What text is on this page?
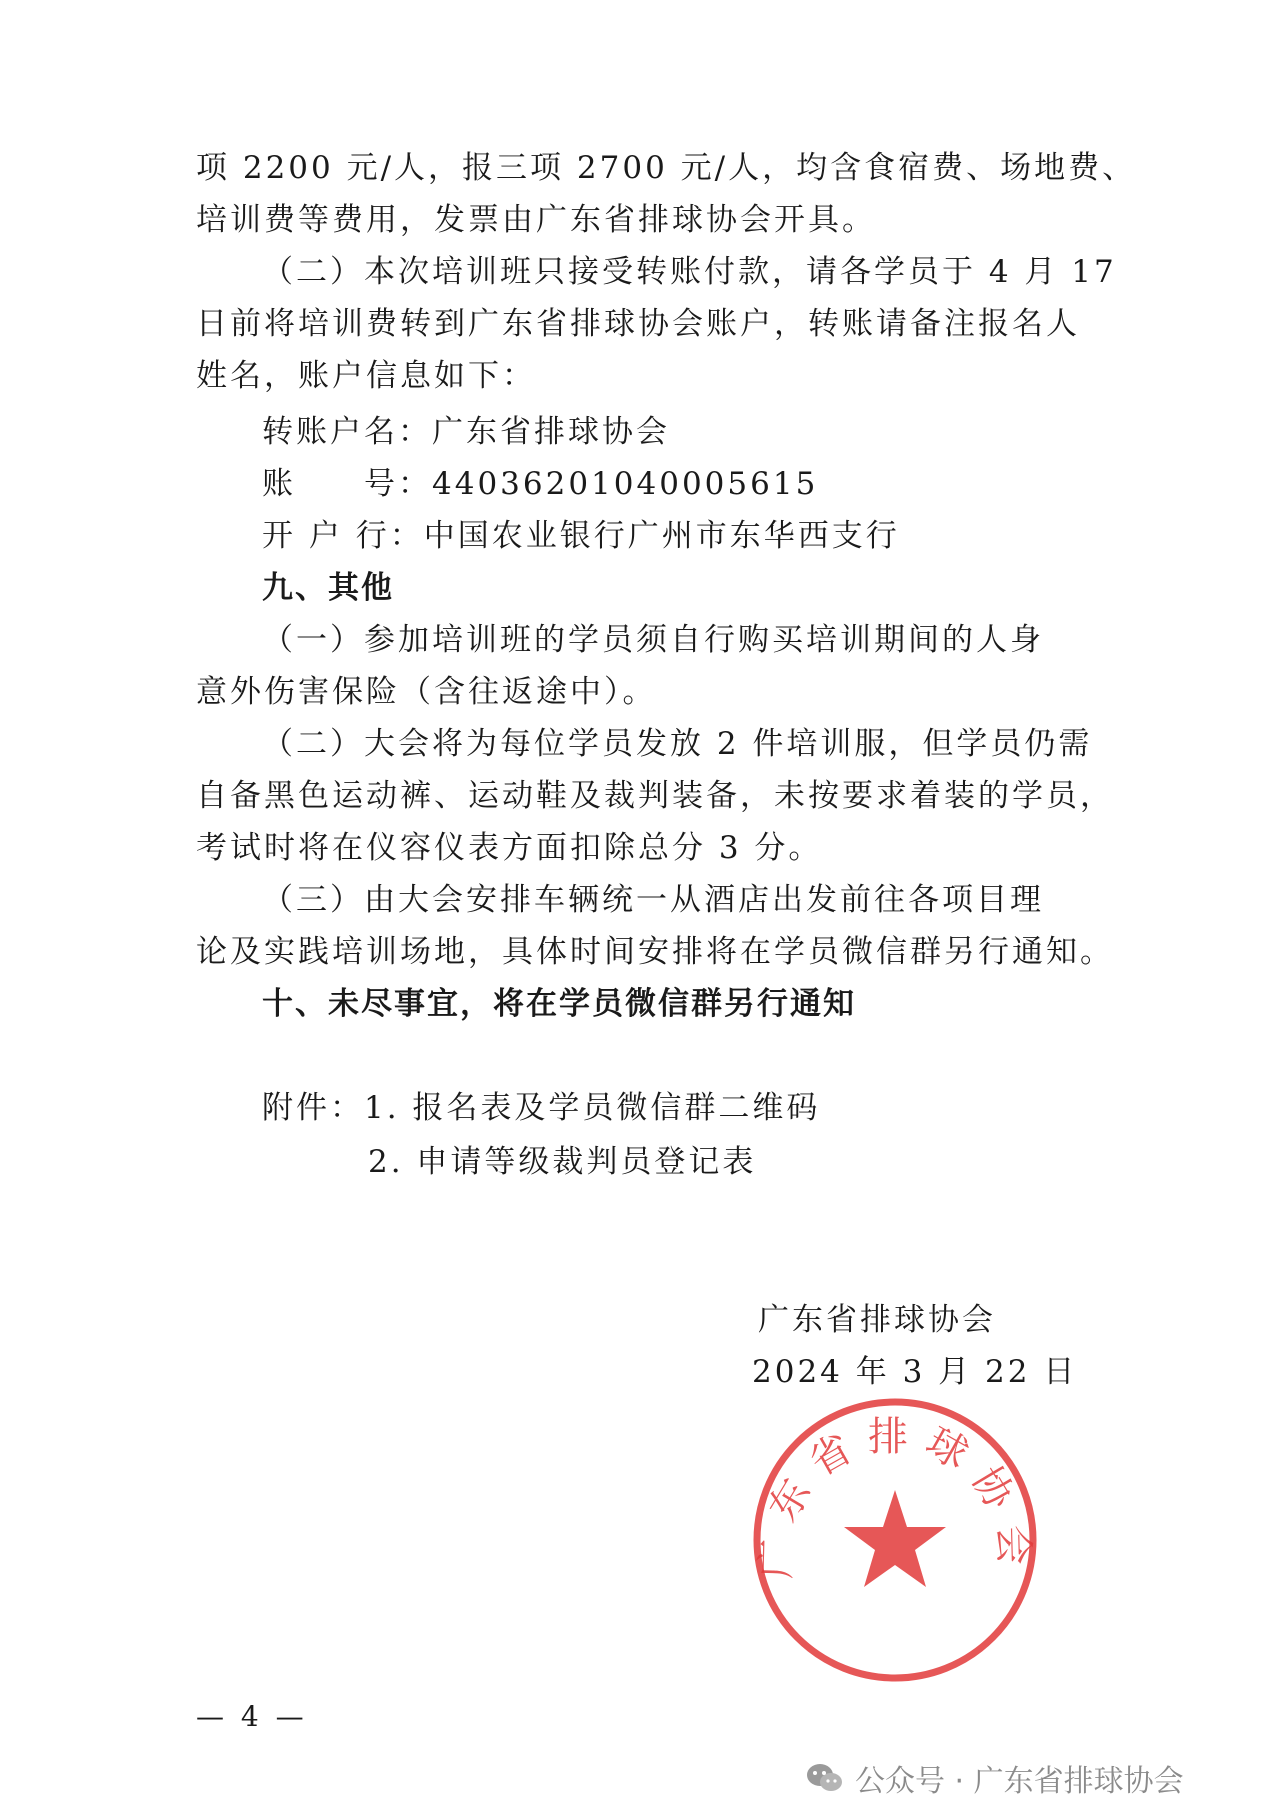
项 2200 元/人，报三项 2700 元/人，均含食宿费、场地费、
培训费等费用，发票由广东省排球协会开具。
（二）本次培训班只接受转账付款，请各学员于 4 月 17
日前将培训费转到广东省排球协会账户，转账请备注报名人
姓名，账户信息如下：
转账户名：广东省排球协会
账　　号：44036201040005615
开 户 行：中国农业银行广州市东华西支行
九、其他
（一）参加培训班的学员须自行购买培训期间的人身
意外伤害保险（含往返途中）。
（二）大会将为每位学员发放 2 件培训服，但学员仍需
自备黑色运动裤、运动鞋及裁判装备，未按要求着装的学员，
考试时将在仪容仪表方面扣除总分 3 分。
（三）由大会安排车辆统一从酒店出发前往各项目理
论及实践培训场地，具体时间安排将在学员微信群另行通知。
十、未尽事宜，将在学员微信群另行通知
附件：1. 报名表及学员微信群二维码
2. 申请等级裁判员登记表
广东省排球协会
广东省排球协会
2024 年 3 月 22 日
— 4 —
公众号 · 广东省排球协会
